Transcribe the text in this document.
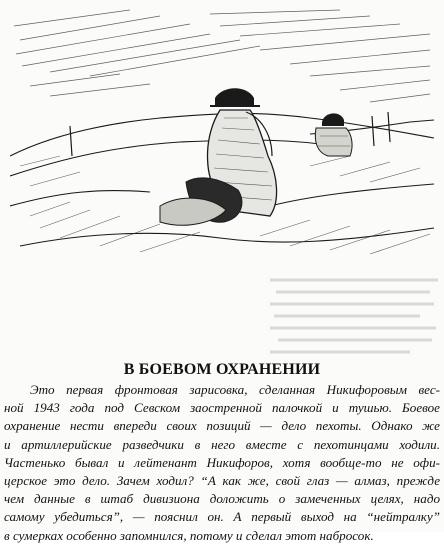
В БОЕВОМ ОХРАНЕНИИ

Это первая фронтовая зарисовка, сделанная Никифоровым вес-
ной 1943 года под Севском заостренной палочкой и тушью. Боевое
охранение нести впереди своих позиций — дело пехоты. Однако же
и артиллерийские разведчики в него вместе с пехотинцами ходили.
Частенько бывал и лейтенант Никифоров, хотя вообще-то не офи-
церское это дело. Зачем ходил? “А как же, свой глаз — алмаз, прежде
чем данные в штаб дивизиона доложить о замеченных целях, надо
самому убедиться”, — пояснил он. А первый выход на “нейтралку”
в сумерках особенно запомнился, потому и сделал этот набросок.
